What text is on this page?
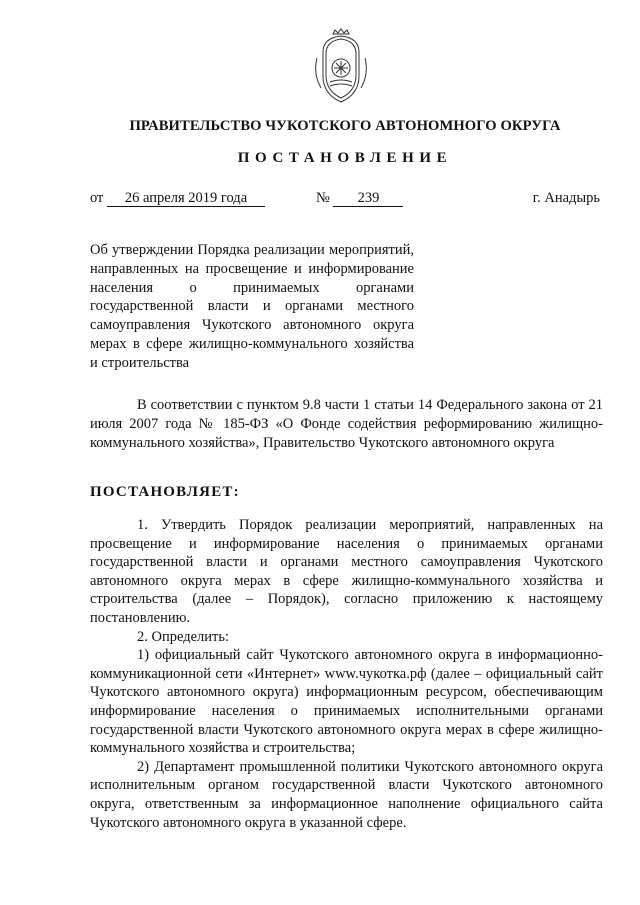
ПРАВИТЕЛЬСТВО ЧУКОТСКОГО АВТОНОМНОГО ОКРУГА
ПОСТАНОВЛЕНИЕ
от 26 апреля 2019 года	№ 239	г. Анадырь
Об утверждении Порядка реализации мероприятий, направленных на просвещение и информирование населения о принимаемых органами государственной власти и органами местного самоуправления Чукотского автономного округа мерах в сфере жилищно-коммунального хозяйства и строительства
В соответствии с пунктом 9.8 части 1 статьи 14 Федерального закона от 21 июля 2007 года № 185-ФЗ «О Фонде содействия реформированию жилищно-коммунального хозяйства», Правительство Чукотского автономного округа
ПОСТАНОВЛЯЕТ:

1. Утвердить Порядок реализации мероприятий, направленных на просвещение и информирование населения о принимаемых органами государственной власти и органами местного самоуправления Чукотского автономного округа мерах в сфере жилищно-коммунального хозяйства и строительства (далее – Порядок), согласно приложению к настоящему постановлению.

2. Определить:

1) официальный сайт Чукотского автономного округа в информационно-коммуникационной сети «Интернет» www.чукотка.рф (далее – официальный сайт Чукотского автономного округа) информационным ресурсом, обеспечивающим информирование населения о принимаемых исполнительными органами государственной власти Чукотского автономного округа мерах в сфере жилищно-коммунального хозяйства и строительства;

2) Департамент промышленной политики Чукотского автономного округа исполнительным органом государственной власти Чукотского автономного округа, ответственным за информационное наполнение официального сайта Чукотского автономного округа в указанной сфере.
